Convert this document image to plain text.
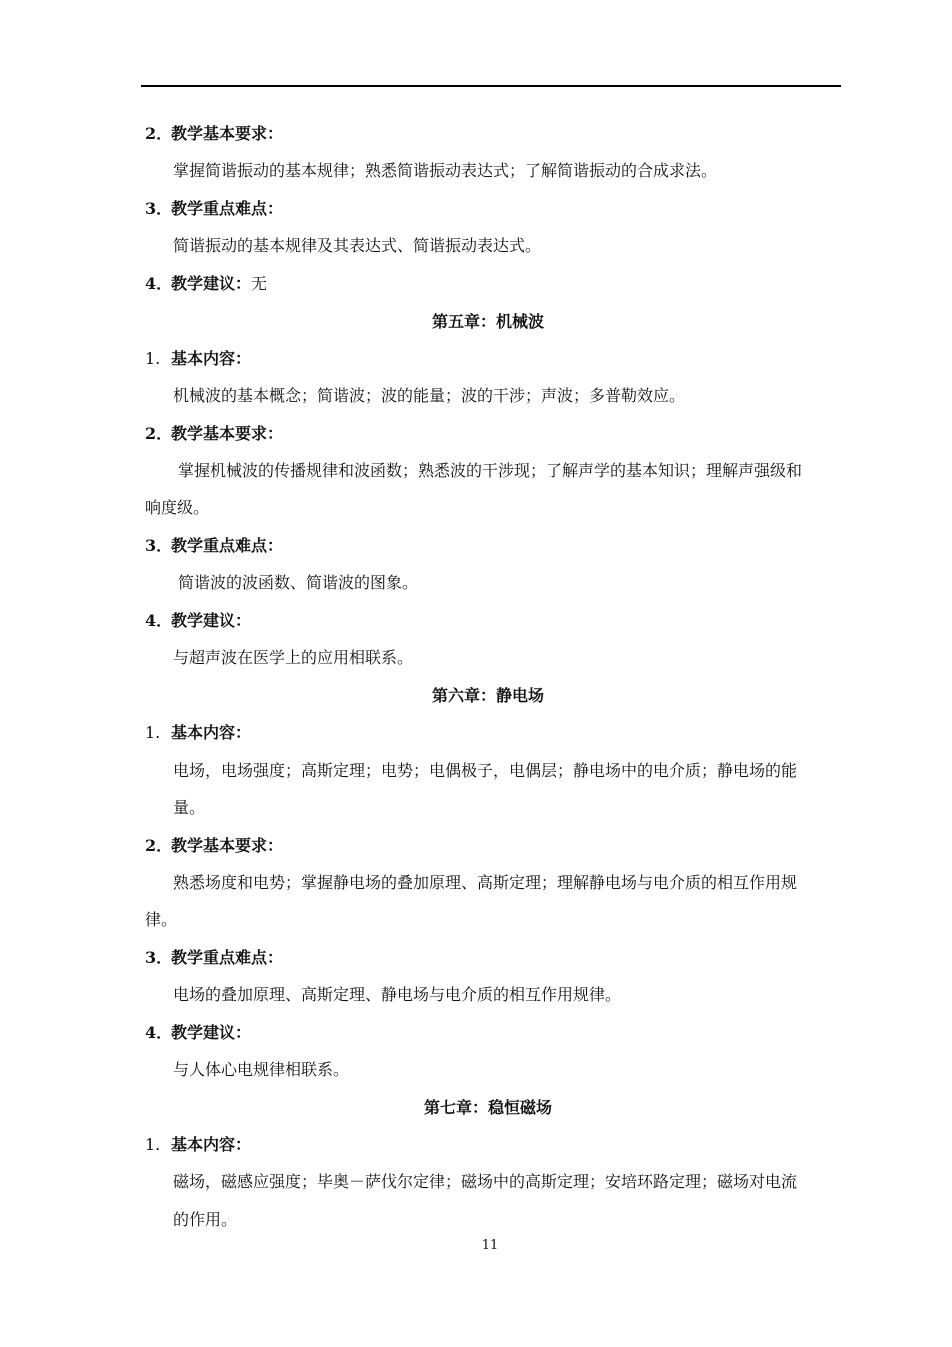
2．教学基本要求：
掌握简谐振动的基本规律；熟悉简谐振动表达式；了解简谐振动的合成求法。
3．教学重点难点：
简谐振动的基本规律及其表达式、简谐振动表达式。
4．教学建议：无
第五章：机械波
1. 基本内容：
机械波的基本概念；简谐波；波的能量；波的干涉；声波；多普勒效应。
2．教学基本要求：
掌握机械波的传播规律和波函数；熟悉波的干涉现；了解声学的基本知识；理解声强级和
响度级。
3．教学重点难点：
简谐波的波函数、简谐波的图象。
4．教学建议：
与超声波在医学上的应用相联系。
第六章：静电场
1. 基本内容：
电场，电场强度；高斯定理；电势；电偶极子，电偶层；静电场中的电介质；静电场的能
量。
2．教学基本要求：
熟悉场度和电势；掌握静电场的叠加原理、高斯定理；理解静电场与电介质的相互作用规
律。
3．教学重点难点：
电场的叠加原理、高斯定理、静电场与电介质的相互作用规律。
4．教学建议：
与人体心电规律相联系。
第七章：稳恒磁场
1. 基本内容：
磁场，磁感应强度；毕奥－萨伐尔定律；磁场中的高斯定理；安培环路定理；磁场对电流
的作用。
11
